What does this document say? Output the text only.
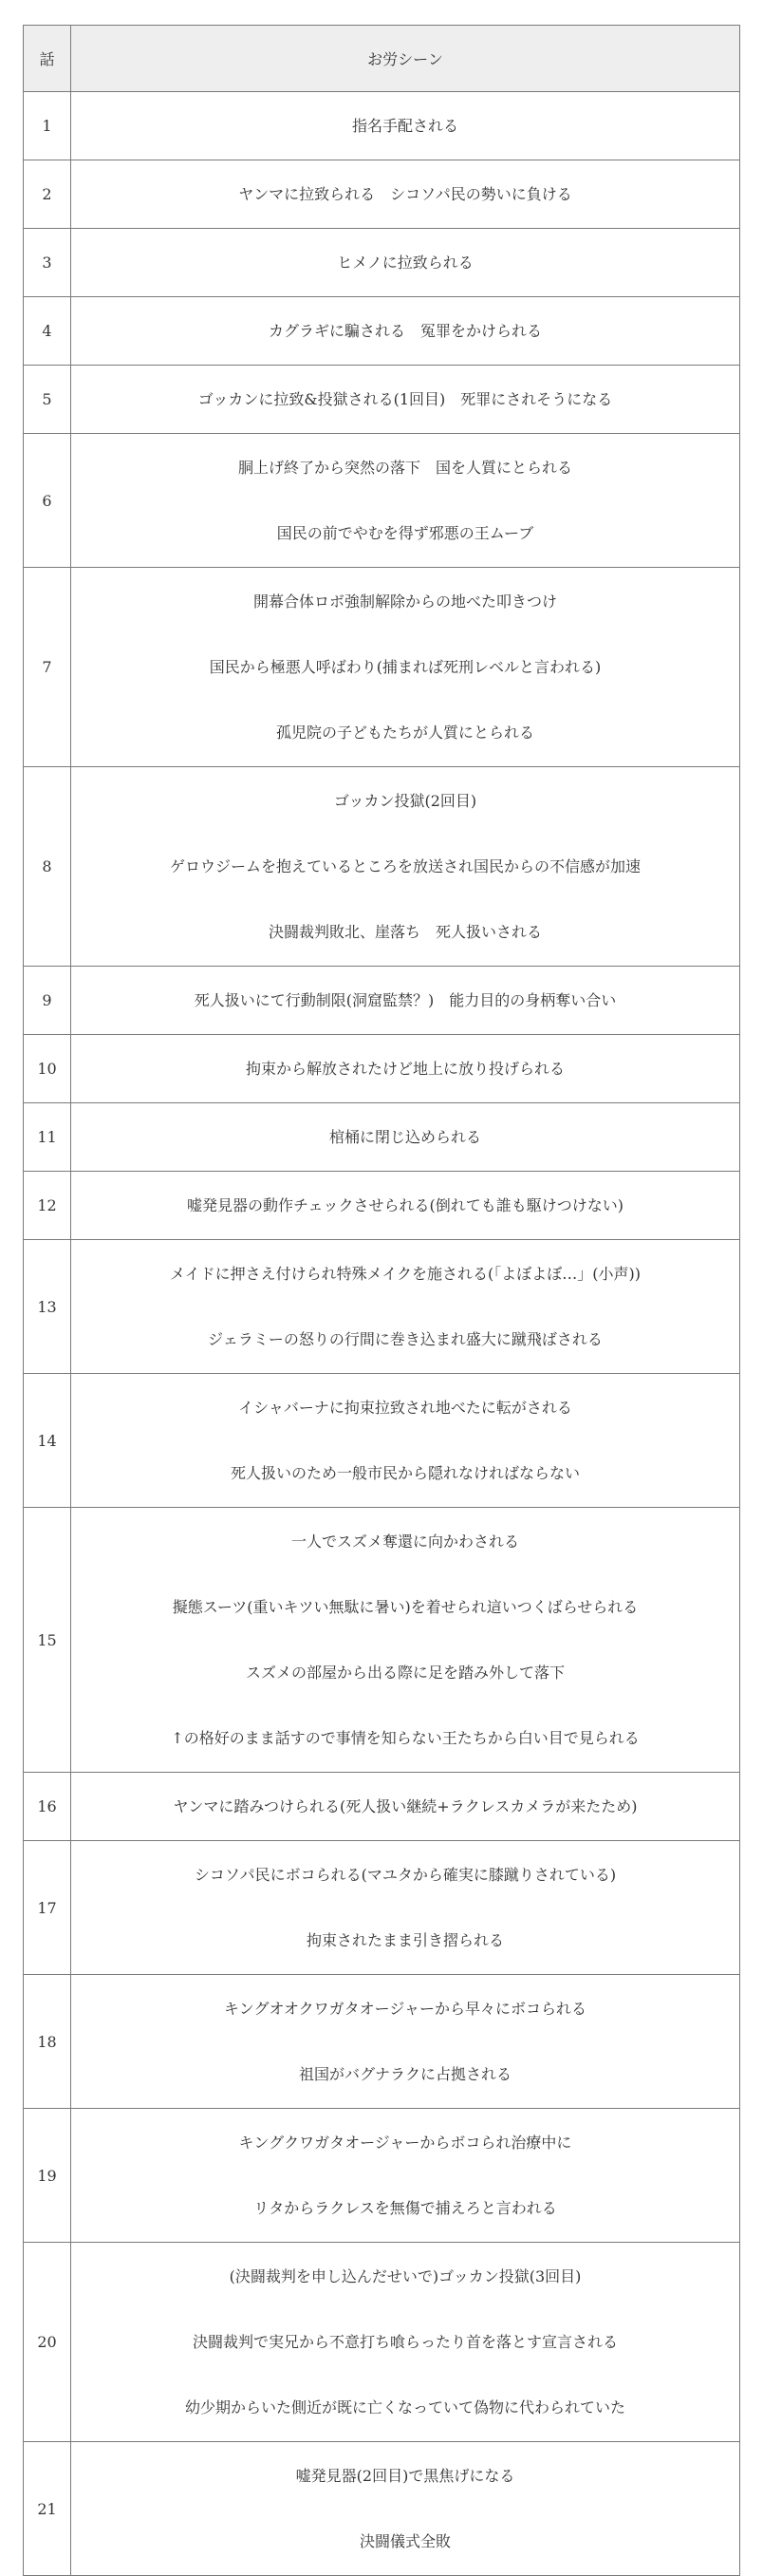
話	お労シーン
1	指名手配される

2	ヤンマに拉致られる　シコソパ民の勢いに負ける

3	ヒメノに拉致られる

4	カグラギに騙される　冤罪をかけられる

5	ゴッカンに拉致&投獄される(1回目)　死罪にされそうになる

6	胴上げ終了から突然の落下　国を人質にとられる
国民の前でやむを得ず邪悪の王ムーブ

7	開幕合体ロボ強制解除からの地べた叩きつけ
国民から極悪人呼ばわり(捕まれば死刑レベルと言われる)
孤児院の子どもたちが人質にとられる

8	ゴッカン投獄(2回目)
ゲロウジームを抱えているところを放送され国民からの不信感が加速
決闘裁判敗北、崖落ち　死人扱いされる

9	死人扱いにて行動制限(洞窟監禁？)　能力目的の身柄奪い合い

10	拘束から解放されたけど地上に放り投げられる

11	棺桶に閉じ込められる

12	嘘発見器の動作チェックさせられる(倒れても誰も駆けつけない)

13	メイドに押さえ付けられ特殊メイクを施される(「よぼよぼ…」(小声))
ジェラミーの怒りの行間に巻き込まれ盛大に蹴飛ばされる

14	イシャバーナに拘束拉致され地べたに転がされる
死人扱いのため一般市民から隠れなければならない

15	一人でスズメ奪還に向かわされる
擬態スーツ(重いキツい無駄に暑い)を着せられ這いつくばらせられる
スズメの部屋から出る際に足を踏み外して落下
↑の格好のまま話すので事情を知らない王たちから白い目で見られる

16	ヤンマに踏みつけられる(死人扱い継続+ラクレスカメラが来たため)

17	シコソパ民にボコられる(マユタから確実に膝蹴りされている)
拘束されたまま引き摺られる

18	キングオオクワガタオージャーから早々にボコられる
祖国がバグナラクに占拠される

19	キングクワガタオージャーからボコられ治療中に
リタからラクレスを無傷で捕えろと言われる

20	(決闘裁判を申し込んだせいで)ゴッカン投獄(3回目)
決闘裁判で実兄から不意打ち喰らったり首を落とす宣言される
幼少期からいた側近が既に亡くなっていて偽物に代わられていた

21	嘘発見器(2回目)で黒焦げになる
決闘儀式全敗
